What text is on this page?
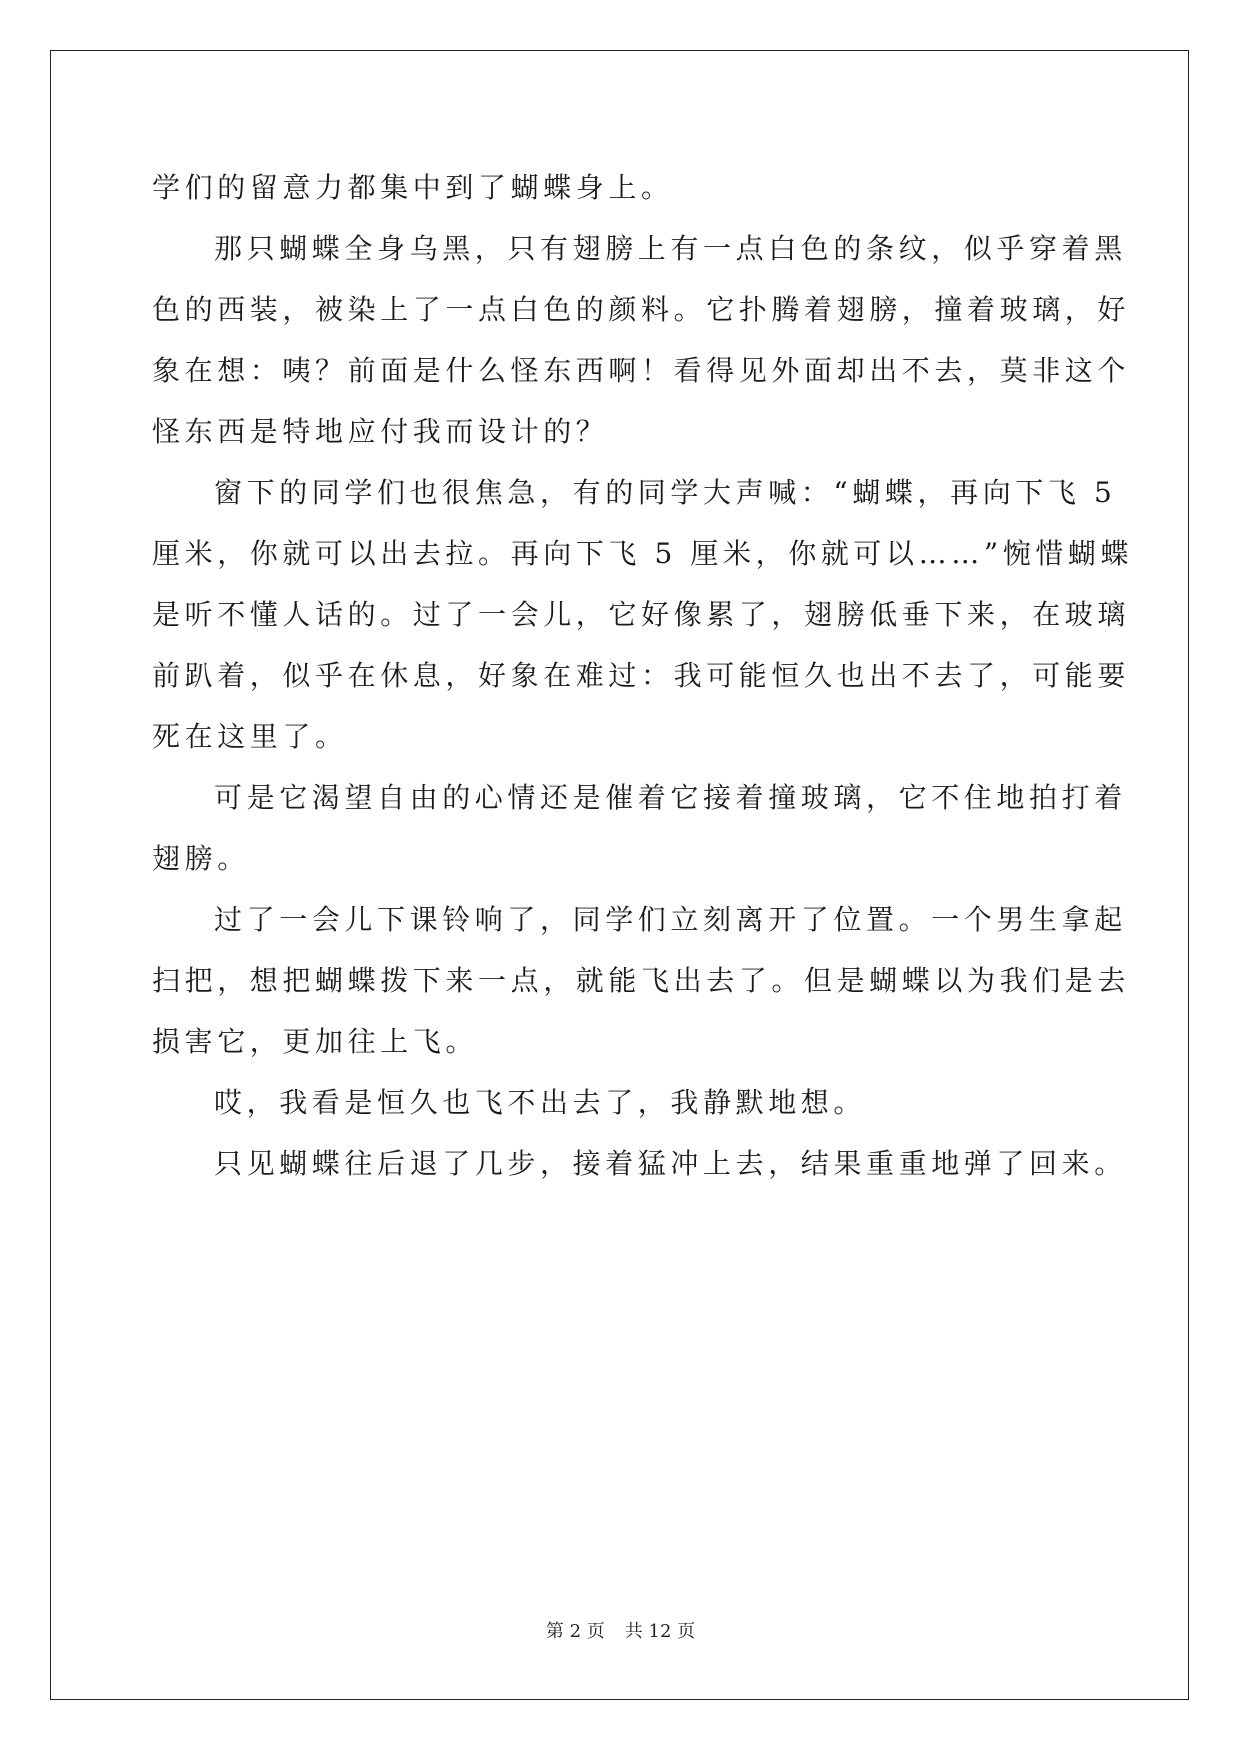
学们的留意力都集中到了蝴蝶身上。
那只蝴蝶全身乌黑，只有翅膀上有一点白色的条纹，似乎穿着黑
色的西装，被染上了一点白色的颜料。它扑腾着翅膀，撞着玻璃，好
象在想：咦？前面是什么怪东西啊！看得见外面却出不去，莫非这个
怪东西是特地应付我而设计的？
窗下的同学们也很焦急，有的同学大声喊：“蝴蝶，再向下飞 5
厘米，你就可以出去拉。再向下飞 5 厘米，你就可以……”惋惜蝴蝶
是听不懂人话的。过了一会儿，它好像累了，翅膀低垂下来，在玻璃
前趴着，似乎在休息，好象在难过：我可能恒久也出不去了，可能要
死在这里了。
可是它渴望自由的心情还是催着它接着撞玻璃，它不住地拍打着
翅膀。
过了一会儿下课铃响了，同学们立刻离开了位置。一个男生拿起
扫把，想把蝴蝶拨下来一点，就能飞出去了。但是蝴蝶以为我们是去
损害它，更加往上飞。
哎，我看是恒久也飞不出去了，我静默地想。
只见蝴蝶往后退了几步，接着猛冲上去，结果重重地弹了回来。
第 2 页 共 12 页
